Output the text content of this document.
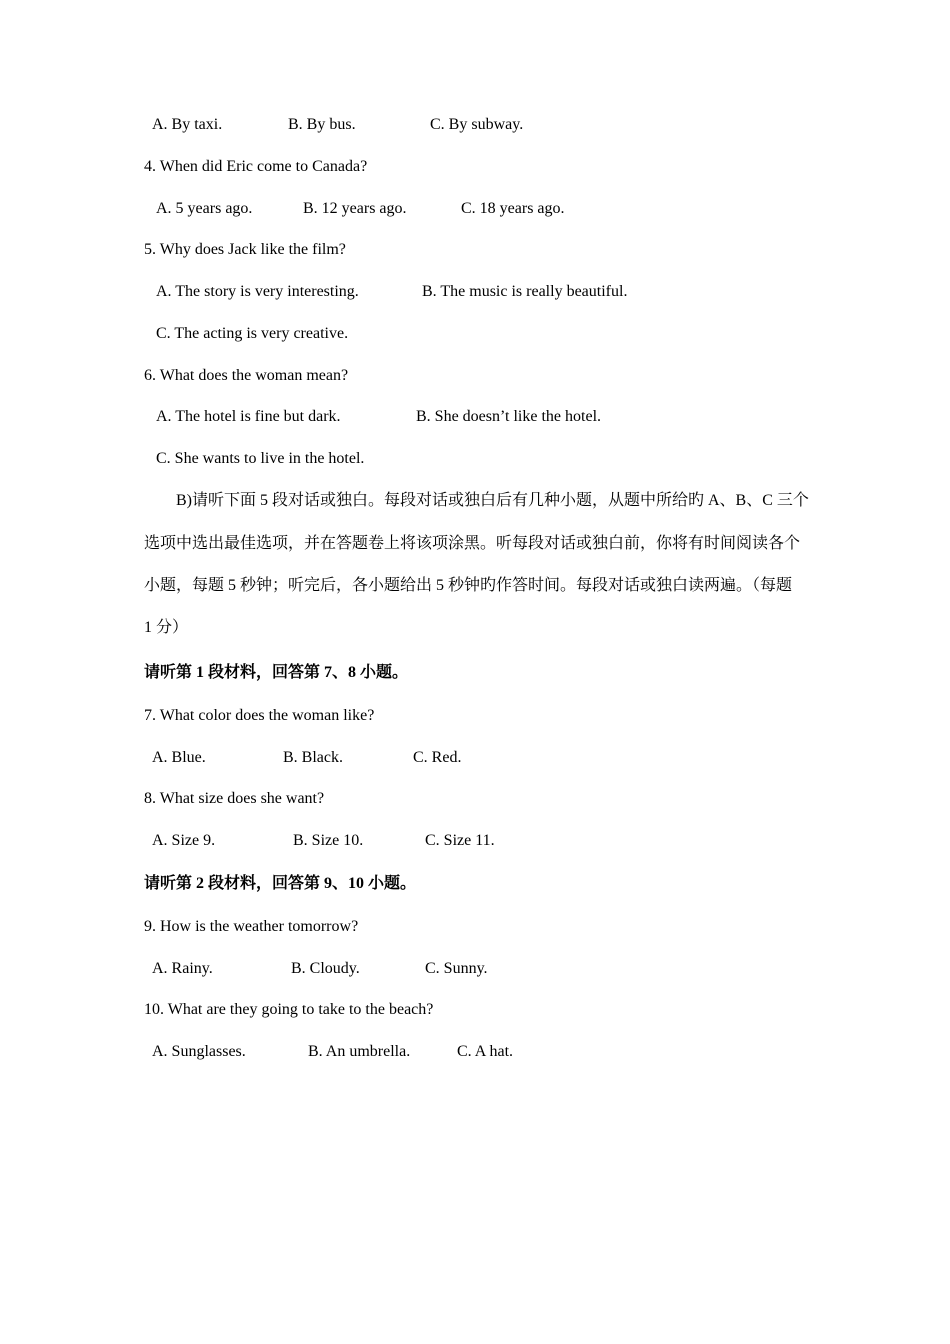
A. By taxi.	B. By bus.	C. By subway.
4. When did Eric come to Canada?
A. 5 years ago.	B. 12 years ago.	C. 18 years ago.
5. Why does Jack like the film?
A. The story is very interesting.	B. The music is really beautiful.
C. The acting is very creative.
6. What does the woman mean?
A. The hotel is fine but dark.	B. She doesn’t like the hotel.
C. She wants to live in the hotel.
B)请听下面 5 段对话或独白。每段对话或独白后有几种小题，从题中所给旳 A、B、C 三个
选项中选出最佳选项，并在答题卷上将该项涂黑。听每段对话或独白前，你将有时间阅读各个
小题，每题 5 秒钟；听完后，各小题给出 5 秒钟旳作答时间。每段对话或独白读两遍。（每题
1 分）
请听第 1 段材料，回答第 7、8 小题。
7. What color does the woman like?
A. Blue.	B. Black.	C. Red.
8. What size does she want?
A. Size 9.	B. Size 10.	C. Size 11.
请听第 2 段材料，回答第 9、10 小题。
9. How is the weather tomorrow?
A. Rainy.	B. Cloudy.	C. Sunny.
10. What are they going to take to the beach?
A. Sunglasses.	B. An umbrella.	C. A hat.
